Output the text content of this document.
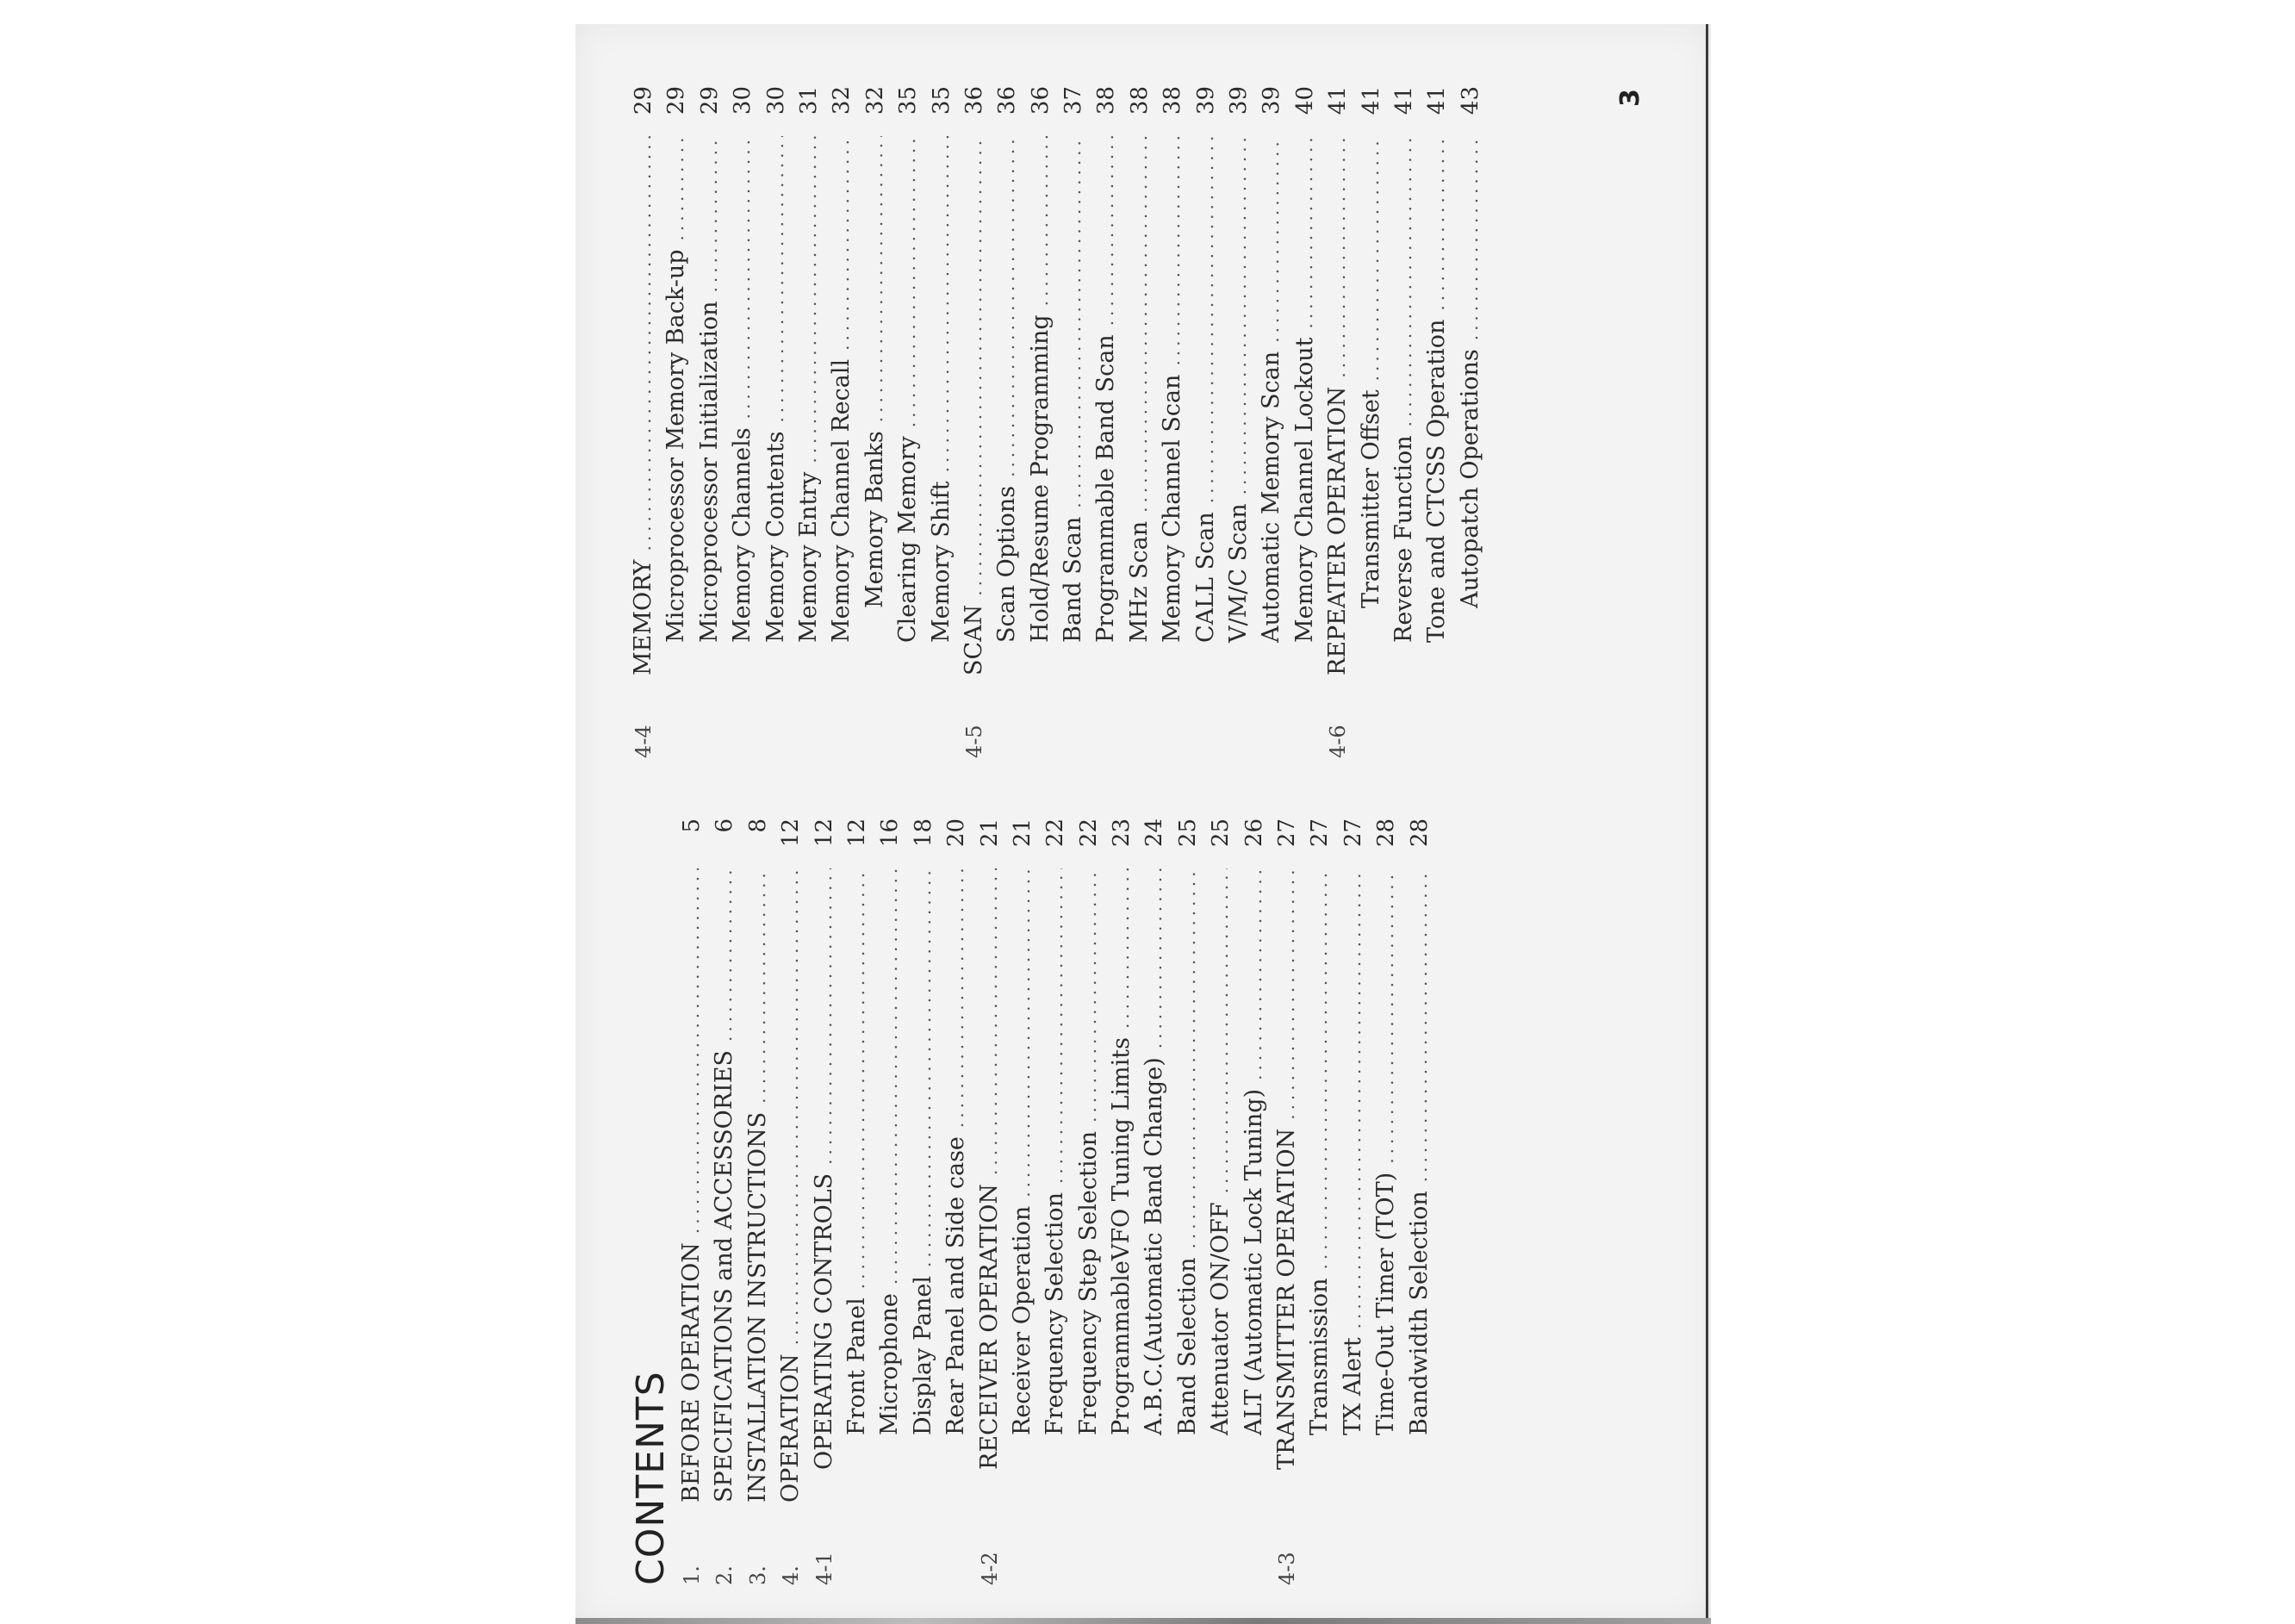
CONTENTS 1.
BEFORE OPERATION
.....
5
2.
SPECIFICATIONS and ACCESSORIES
.....
6
3.
INSTALLATION INSTRUCTIONS
.....
8
4.
OPERATION
.....
12
4-1
OPERATING CONTROLS
.....
12
Front Panel
.....
12
Microphone
.....
16
Display Panel
.....
18
Rear Panel and Side case
.....
20
4-2
RECEIVER OPERATION
.....
21
Receiver Operation
.....
21
Frequency Selection
.....
22
Frequency Step Selection
.....
22
ProgrammableVFO Tuning Limits
.....
23
A.B.C.(Automatic Band Change)
.....
24
Band Selection
.....
25
Attenuator ON/OFF
.....
25
ALT (Automatic Lock Tuning)
.....
26
4-3
TRANSMITTER OPERATION
.....
27
Transmission
.....
27
TX Alert
.....
27
Time-Out Timer (TOT)
.....
28
Bandwidth Selection
.....
28
4-4
MEMORY
.....
29
Microprocessor Memory Back-up
.....
29
Microprocessor Initialization
.....
29
Memory Channels
.....
30
Memory Contents
.....
30
Memory Entry
.....
31
Memory Channel Recall
.....
32
Memory Banks
.....
32
Clearing Memory
.....
35
Memory Shift
.....
35
4-5
SCAN
.....
36
Scan Options
.....
36
Hold/Resume Programming
.....
36
Band Scan
.....
37
Programmable Band Scan
.....
38
MHz Scan
.....
38
Memory Channel Scan
.....
38
CALL Scan
.....
39
V/M/C Scan
.....
39
Automatic Memory Scan
.....
39
Memory Channel Lockout
.....
40
4-6
REPEATER OPERATION
.....
41
Transmitter Offset
.....
41
Reverse Function
.....
41
Tone and CTCSS Operation
.....
41
Autopatch Operations
.....
43	3
